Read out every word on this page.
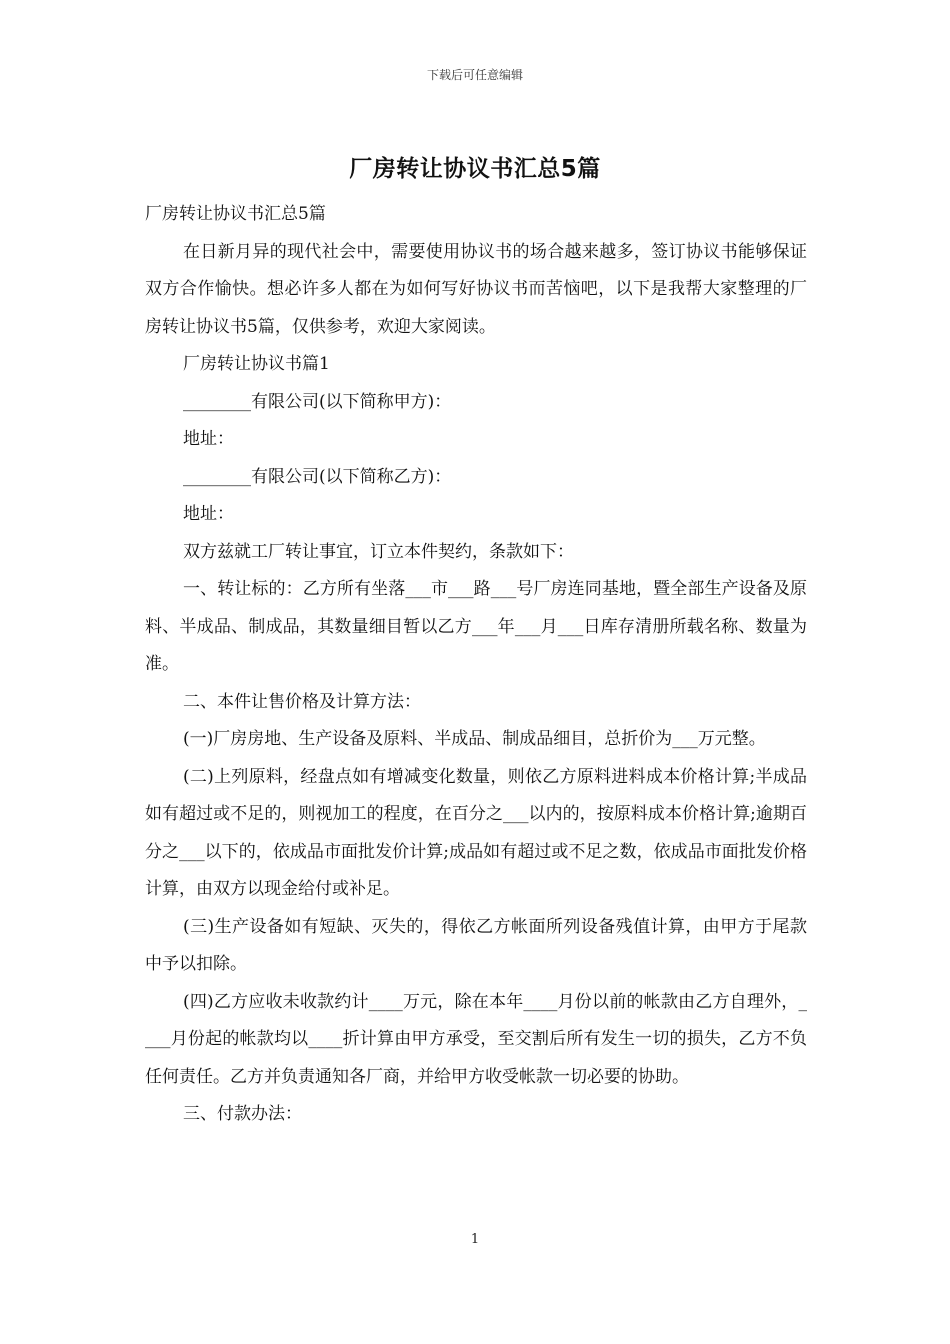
下载后可任意编辑
厂房转让协议书汇总5篇

厂房转让协议书汇总5篇

在日新月异的现代社会中，需要使用协议书的场合越来越多，签订协议书能够保证双方合作愉快。想必许多人都在为如何写好协议书而苦恼吧，以下是我帮大家整理的厂房转让协议书5篇，仅供参考，欢迎大家阅读。

厂房转让协议书篇1

________有限公司(以下简称甲方)：

地址：

________有限公司(以下简称乙方)：

地址：

双方兹就工厂转让事宜，订立本件契约，条款如下：

一、转让标的：乙方所有坐落___市___路___号厂房连同基地，暨全部生产设备及原料、半成品、制成品，其数量细目暂以乙方___年___月___日库存清册所载名称、数量为准。

二、本件让售价格及计算方法：

(一)厂房房地、生产设备及原料、半成品、制成品细目，总折价为___万元整。

(二)上列原料，经盘点如有增减变化数量，则依乙方原料进料成本价格计算;半成品如有超过或不足的，则视加工的程度，在百分之___以内的，按原料成本价格计算;逾期百分之___以下的，依成品市面批发价计算;成品如有超过或不足之数，依成品市面批发价格计算，由双方以现金给付或补足。

(三)生产设备如有短缺、灭失的，得依乙方帐面所列设备残值计算，由甲方于尾款中予以扣除。

(四)乙方应收未收款约计____万元，除在本年____月份以前的帐款由乙方自理外，____月份起的帐款均以____折计算由甲方承受，至交割后所有发生一切的损失，乙方不负任何责任。乙方并负责通知各厂商，并给甲方收受帐款一切必要的协助。

三、付款办法：

1
